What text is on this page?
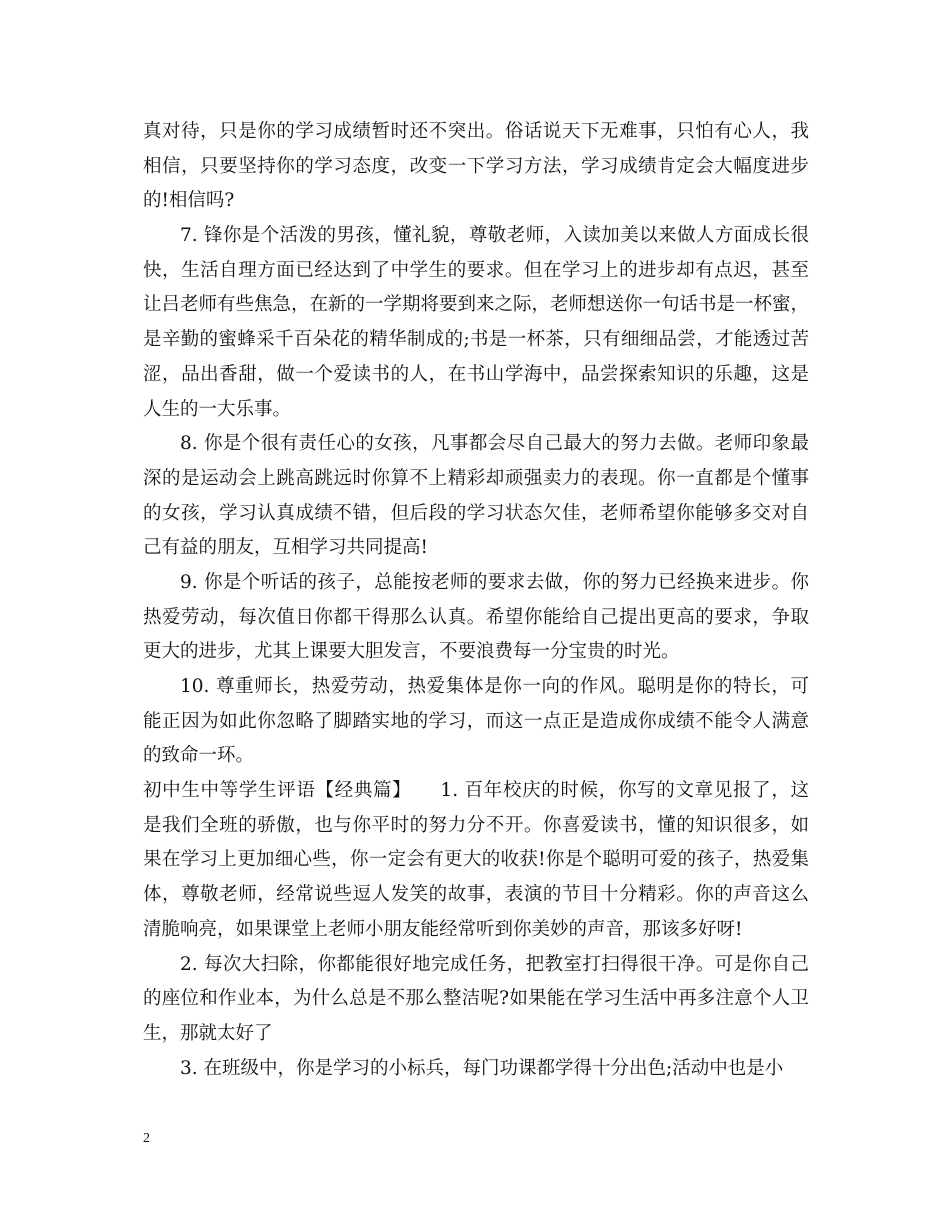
真对待，只是你的学习成绩暂时还不突出。俗话说天下无难事，只怕有心人，我
相信，只要坚持你的学习态度，改变一下学习方法，学习成绩肯定会大幅度进步
的!相信吗?
7. 锋你是个活泼的男孩，懂礼貌，尊敬老师，入读加美以来做人方面成长很
快，生活自理方面已经达到了中学生的要求。但在学习上的进步却有点迟，甚至
让吕老师有些焦急，在新的一学期将要到来之际，老师想送你一句话书是一杯蜜，
是辛勤的蜜蜂采千百朵花的精华制成的;书是一杯茶，只有细细品尝，才能透过苦
涩，品出香甜，做一个爱读书的人，在书山学海中，品尝探索知识的乐趣，这是
人生的一大乐事。
8. 你是个很有责任心的女孩，凡事都会尽自己最大的努力去做。老师印象最
深的是运动会上跳高跳远时你算不上精彩却顽强卖力的表现。你一直都是个懂事
的女孩，学习认真成绩不错，但后段的学习状态欠佳，老师希望你能够多交对自
己有益的朋友，互相学习共同提高!
9. 你是个听话的孩子，总能按老师的要求去做，你的努力已经换来进步。你
热爱劳动，每次值日你都干得那么认真。希望你能给自己提出更高的要求，争取
更大的进步，尤其上课要大胆发言，不要浪费每一分宝贵的时光。
10. 尊重师长，热爱劳动，热爱集体是你一向的作风。聪明是你的特长，可
能正因为如此你忽略了脚踏实地的学习，而这一点正是造成你成绩不能令人满意
的致命一环。
初中生中等学生评语【经典篇】　　1. 百年校庆的时候，你写的文章见报了，这
是我们全班的骄傲，也与你平时的努力分不开。你喜爱读书，懂的知识很多，如
果在学习上更加细心些，你一定会有更大的收获!你是个聪明可爱的孩子，热爱集
体，尊敬老师，经常说些逗人发笑的故事，表演的节目十分精彩。你的声音这么
清脆响亮，如果课堂上老师小朋友能经常听到你美妙的声音，那该多好呀!
2. 每次大扫除，你都能很好地完成任务，把教室打扫得很干净。可是你自己
的座位和作业本，为什么总是不那么整洁呢?如果能在学习生活中再多注意个人卫
生，那就太好了
3. 在班级中，你是学习的小标兵，每门功课都学得十分出色;活动中也是小
2
